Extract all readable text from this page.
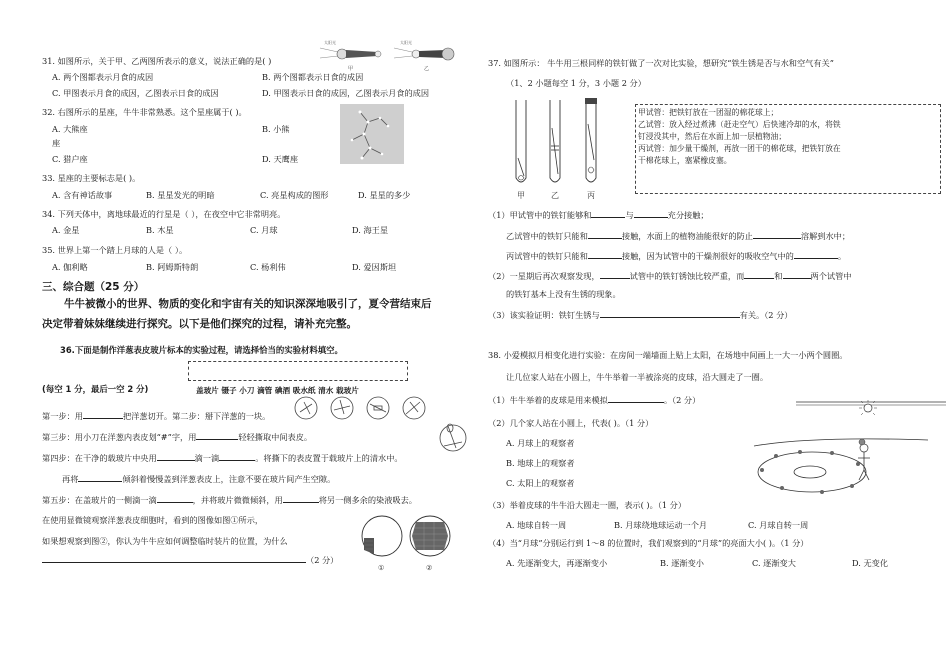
太阳光
甲
太阳光
乙
31. 如图所示，关于甲、乙两图所表示的意义，说法正确的是( )
A. 两个图都表示月食的成因	B. 两个图都表示日食的成因
C. 甲图表示月食的成因，乙图表示日食的成因	D. 甲图表示日食的成因，乙图表示月食的成因
32. 右图所示的星座，牛牛非常熟悉。这个星座属于( )。
A. 大熊座	B. 小熊
座
C. 猎户座	D. 天鹰座
33. 星座的主要标志是( )。
A. 含有神话故事	B. 星星发光的明暗	C. 亮星构成的图形	D. 星星的多少
34. 下列天体中，离地球最近的行星是（ ），在夜空中它非常明亮。
A. 金星	B. 木星	C. 月球	D. 海王星
35. 世界上第一个踏上月球的人是（ ）。
A. 伽利略	B. 阿姆斯特朗	C. 杨利伟	D. 爱因斯坦
三、综合题（25 分）
牛牛被微小的世界、物质的变化和宇宙有关的知识深深地吸引了，夏令营结束后
决定带着妹妹继续进行探究。以下是他们探究的过程，请补充完整。
36.下面是制作洋葱表皮玻片标本的实验过程，请选择恰当的实验材料填空。
(每空 1 分，最后一空 2 分)	盖玻片 镊子 小刀 滴管 碘酒 吸水纸 清水 载玻片
第一步：用	把洋葱切开。第二步：掰下洋葱的一块。
第三步：用小刀在洋葱内表皮划“#”字，用	轻轻撕取中间表皮。
第四步：在干净的载玻片中央用	滴一滴	。将撕下的表皮置于载玻片上的清水中。
再将	倾斜着慢慢盖到洋葱表皮上，注意不要在玻片间产生空隙。
第五步：在盖玻片的一侧滴一滴	，并将玻片微微倾斜，用	将另一侧多余的染液吸去。
在使用显微镜观察洋葱表皮细胞时，看到的图像如图①所示，
如果想观察到图②，你认为牛牛应如何调整临时装片的位置，为什么
（2 分）
①	②
37. 如图所示： 牛牛用三根同样的铁钉做了一次对比实验，想研究“铁生锈是否与水和空气有关”
（1、2 小题每空 1 分，3 小题 2 分）
甲	乙	丙
甲试管：把铁钉放在一团湿的棉花球上；
乙试管：放入经过煮沸（赶走空气）后快速冷却的水，将铁
钉浸没其中，然后在水面上加一层植物油；
丙试管：加少量干燥剂，再放一团干的棉花球，把铁钉放在
干棉花球上，塞紧橡皮塞。
（1）甲试管中的铁钉能够和	与	充分接触；
乙试管中的铁钉只能和	接触，水面上的植物油能很好的防止	溶解到水中；
丙试管中的铁钉只能和	接触，因为试管中的干燥剂很好的吸收空气中的	。
（2）一星期后再次观察发现，	试管中的铁钉锈蚀比较严重，而	和	两个试管中
的铁钉基本上没有生锈的现象。
（3）该实验证明：铁钉生锈与	有关。（2 分）
38. 小爱模拟月相变化进行实验：在房间一端墙面上贴上太阳，在场地中间画上一大一小两个圆圈。
让几位家人站在小圆上，牛牛举着一半被涂亮的皮球，沿大圆走了一圈。
（1）牛牛举着的皮球是用来模拟	。（2 分）
（2）几个家人站在小圆上，代表( )。（1 分）
A. 月球上的观察者
B. 地球上的观察者
C. 太阳上的观察者
（3）举着皮球的牛牛沿大圆走一圈，表示( )。（1 分）
A. 地球自转一周	B. 月球绕地球运动一个月	C. 月球自转一周
（4）当“月球”分别运行到 1～8 的位置时，我们观察到的“月球”的亮面大小( )。（1 分）
A. 先逐渐变大，再逐渐变小	B. 逐渐变小	C. 逐渐变大	D. 无变化
